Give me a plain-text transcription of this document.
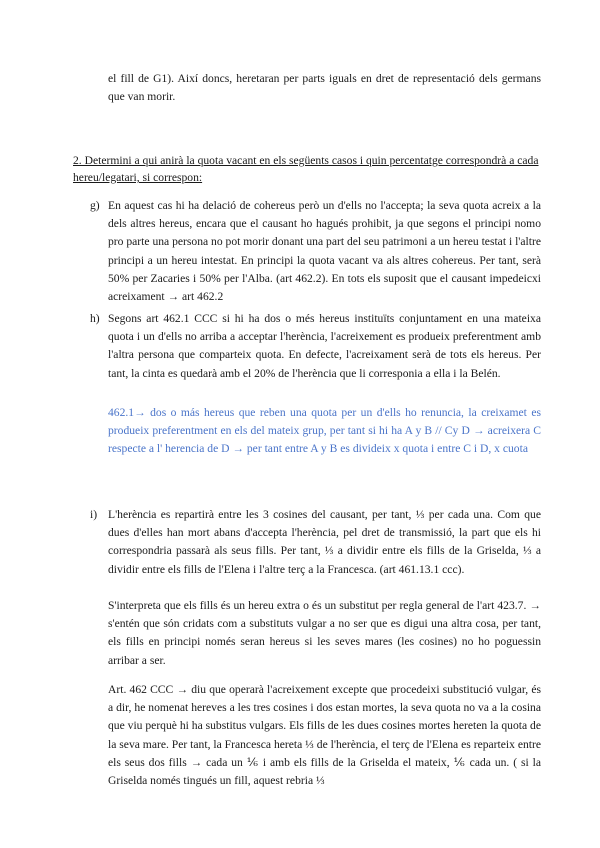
el fill de G1). Així doncs, heretaran per parts iguals en dret de representació dels germans que van morir.

2. Determini a qui anirà la quota vacant en els següents casos i quin percentatge correspondrà a cada hereu/legatari, si correspon:

g) En aquest cas hi ha delació de cohereus però un d'ells no l'accepta; la seva quota acreix a la dels altres hereus, encara que el causant ho hagués prohibit, ja que segons el principi nomo pro parte una persona no pot morir donant una part del seu patrimoni a un hereu testat i l'altre principi a un hereu intestat. En principi la quota vacant va als altres cohereus. Per tant, serà 50% per Zacaries i 50% per l'Alba. (art 462.2). En tots els suposit que el causant impedeicxi acreixament → art 462.2

h) Segons art 462.1 CCC si hi ha dos o més hereus instituïts conjuntament en una mateixa quota i un d'ells no arriba a acceptar l'herència, l'acreixement es produeix preferentment amb l'altra persona que comparteix quota. En defecte, l'acreixament serà de tots els hereus. Per tant, la cinta es quedarà amb el 20% de l'herència que li corresponia a ella i la Belén.

462.1→ dos o más hereus que reben una quota per un d'ells ho renuncia, la creixamet es produeix preferentment en els del mateix grup, per tant si hi ha A y B // Cy D → acreixera C respecte a l' herencia de D → per tant entre A y B es divideix x quota i entre C i D, x cuota

i) L'herència es repartirà entre les 3 cosines del causant, per tant, ⅓ per cada una. Com que dues d'elles han mort abans d'accepta l'herència, pel dret de transmissió, la part que els hi correspondria passarà als seus fills. Per tant, ⅓ a dividir entre els fills de la Griselda, ⅓ a dividir entre els fills de l'Elena i l'altre terç a la Francesca. (art 461.13.1 ccc).

S'interpreta que els fills és un hereu extra o és un substitut per regla general de l'art 423.7. → s'entén que són cridats com a substituts vulgar a no ser que es digui una altra cosa, per tant, els fills en principi només seran hereus si les seves mares (les cosines) no ho poguessin arribar a ser.

Art. 462 CCC → diu que operarà l'acreixement excepte que procedeixi substitució vulgar, és a dir, he nomenat hereves a les tres cosines i dos estan mortes, la seva quota no va a la cosina que viu perquè hi ha substitus vulgars. Els fills de les dues cosines mortes hereten la quota de la seva mare. Per tant, la Francesca hereta ⅓ de l'herència, el terç de l'Elena es reparteix entre els seus dos fills → cada un ⅙ i amb els fills de la Griselda el mateix, ⅙ cada un. ( si la Griselda només tingués un fill, aquest rebria ⅓
